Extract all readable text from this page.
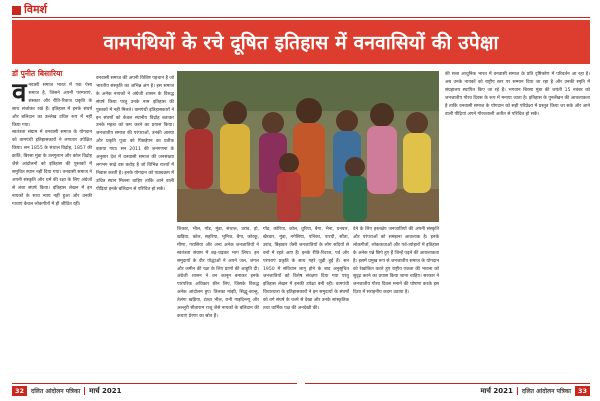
विमर्श
वामपंथियों के रचे दूषित इतिहास में वनवासियों की उपेक्षा
डॉ पुनीत बिसारिया
व नवासी समाज भारत में एक ऐसा समाज है, जिसने अपनी परम्पराएं, संस्कार और रीति-रिवाज प्रकृति के साथ संजोकर रखे हैं। इतिहास में इनके संघर्ष और बलिदान का उल्लेख उचित रूप में नहीं किया गया।

स्वतंत्रता संग्राम में वनवासी समाज के योगदान को वामपंथी इतिहासकारों ने लगातार उपेक्षित किया। सन 1855 के संथाल विद्रोह, 1857 की क्रांति, बिरसा मुंडा के उलगुलान और कोल विद्रोह जैसे आंदोलनों को इतिहास की पुस्तकों में समुचित स्थान नहीं दिया गया। वनवासी समाज ने अपनी संस्कृति और धर्म की रक्षा के लिए अंग्रेजों से लंबा संघर्ष किया। इतिहास लेखन में इन नायकों के साथ न्याय नहीं हुआ और उनकी गाथाएं केवल लोकगीतों में ही जीवित रहीं।

वनवासी समाज की अपनी विशिष्ट पहचान है जो भारतीय संस्कृति का अभिन्न अंग है। इस समाज के अनेक नायकों ने अंग्रेजी शासन के विरुद्ध संघर्ष किया परंतु उनके नाम इतिहास की पुस्तकों में नहीं मिलते। वामपंथी इतिहासकारों ने इन संघर्षों को केवल स्थानीय विद्रोह बताकर उनके महत्व को कम करने का प्रयास किया। जनजातीय समाज की परंपराओं, उनकी आस्था और प्रकृति पूजा को पिछड़ेपन का प्रतीक बताया गया। सन 2011 की जनगणना के अनुसार देश में वनवासी समाज की जनसंख्या लगभग साढ़े दस करोड़ है जो विभिन्न राज्यों में निवास करती है। इनके योगदान को पाठ्यक्रम में उचित स्थान मिलना चाहिए ताकि आने वाली पीढ़ियां इनके बलिदान से परिचित हो सकें।

शिकार, भील, गोंड, मुंडा, संथाल, उरांव, हो, खड़िया, कोल, सहरिया, भूमिज, बैगा, कोरकू, मीणा, गरासिया और अन्य अनेक जनजातियों ने स्वतंत्रता संग्राम में बढ़-चढ़कर भाग लिया। इन समुदायों के वीर योद्धाओं ने अपने जल, जंगल और जमीन की रक्षा के लिए प्राणों की आहुति दी। अंग्रेजी शासन ने वन कानून बनाकर इनके पारंपरिक अधिकार छीन लिए, जिसके विरुद्ध अनेक आंदोलन हुए। तिलका मांझी, सिद्धू-कान्हू, तेलंगा खड़िया, टंट्या भील, रानी गाइदिन्ल्यू और अल्लूरी सीताराम राजू जैसे नायकों के बलिदान की कथाएं प्रेरणा का स्रोत हैं।

गोंड, कोरिया, कोल, धुरिया, बैगा, भैना, धनवार, खैरवार, मुंडा, नगेसिया, पनिका, पारधी, सौंता, उरांव, बिंझवार जैसी जनजातियों के लोग सदियों से वनों में रहते आए हैं। इनके रीति-रिवाज, पर्व और परंपराएं प्रकृति के साथ गहरे जुड़ी हुई हैं। सन 1950 में संविधान लागू होने के बाद अनुसूचित जनजातियों को विशेष संरक्षण दिया गया परंतु इतिहास लेखन में इनकी उपेक्षा बनी रही। वामपंथी विचारधारा के इतिहासकारों ने इन समुदायों के संघर्षों को वर्ग संघर्ष के चश्मे से देखा और उनके सांस्कृतिक तथा धार्मिक पक्ष की अनदेखी की।

देने के लिए हस्तक्षेप जनजातियों की अपनी संस्कृति और परंपराओं को समझना आवश्यक है। इनके लोकगीतों, लोककथाओं और पर्व-त्योहारों में इतिहास के अनेक पन्ने छिपे हुए हैं जिन्हें पढ़ने की आवश्यकता है। इसमें प्रमुख रूप से जनजातीय समाज के योगदान को रेखांकित करते हुए राष्ट्रीय एकता की भावना को सुदृढ़ करने का प्रयास किया जाना चाहिए। सरकार ने जनजातीय गौरव दिवस मनाने की घोषणा करके इस दिशा में सराहनीय कदम उठाया है।

की सत्ता आधुनिक भारत में वनवासी समाज के प्रति दृष्टिकोण में परिवर्तन आ रहा है। अब उनके नायकों को राष्ट्रीय स्तर पर सम्मान दिया जा रहा है और उनकी स्मृति में संग्रहालय स्थापित किए जा रहे हैं। भगवान बिरसा मुंडा की जयंती 15 नवंबर को जनजातीय गौरव दिवस के रूप में मनाया जाता है। इतिहास के पुनर्लेखन की आवश्यकता है ताकि वनवासी समाज के योगदान को सही परिप्रेक्ष्य में प्रस्तुत किया जा सके और आने वाली पीढ़ियां अपने गौरवशाली अतीत से परिचित हो सकें।

32	दलित आंदोलन पत्रिका मार्च 2021	मार्च 2021 दलित आंदोलन पत्रिका	33
